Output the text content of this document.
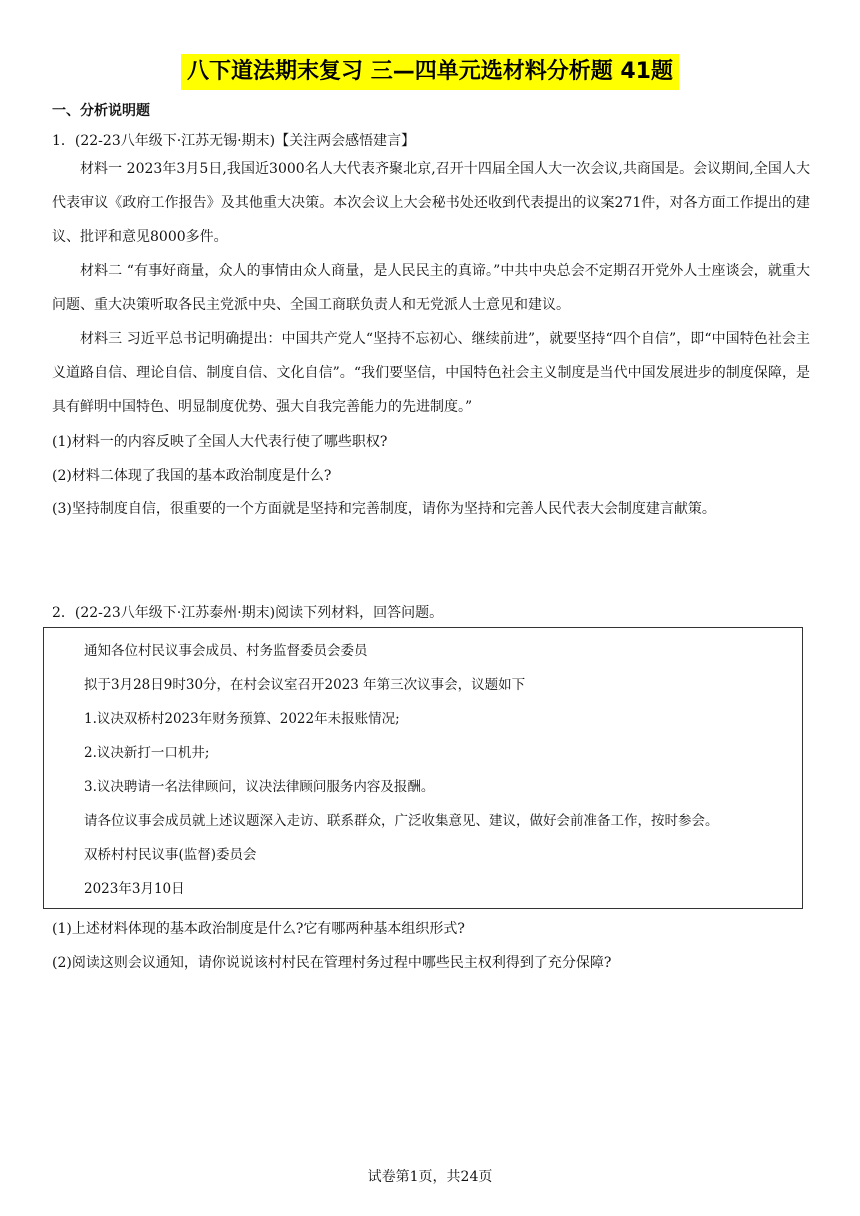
八下道法期末复习 三—四单元选材料分析题 41题
一、分析说明题
1．(22-23八年级下·江苏无锡·期末)【关注两会感悟建言】

材料一 2023年3月5日,我国近3000名人大代表齐聚北京,召开十四届全国人大一次会议,共商国是。会议期间,全国人大代表审议《政府工作报告》及其他重大决策。本次会议上大会秘书处还收到代表提出的议案271件，对各方面工作提出的建议、批评和意见8000多件。

材料二 “有事好商量，众人的事情由众人商量，是人民民主的真谛。”中共中央总会不定期召开党外人士座谈会，就重大问题、重大决策听取各民主党派中央、全国工商联负责人和无党派人士意见和建议。

材料三 习近平总书记明确提出：中国共产党人“坚持不忘初心、继续前进”，就要坚持“四个自信”，即“中国特色社会主义道路自信、理论自信、制度自信、文化自信”。“我们要坚信，中国特色社会主义制度是当代中国发展进步的制度保障，是具有鲜明中国特色、明显制度优势、强大自我完善能力的先进制度。”

(1)材料一的内容反映了全国人大代表行使了哪些职权?
(2)材料二体现了我国的基本政治制度是什么?
(3)坚持制度自信，很重要的一个方面就是坚持和完善制度，请你为坚持和完善人民代表大会制度建言献策。
2．(22-23八年级下·江苏泰州·期末)阅读下列材料，回答问题。
通知各位村民议事会成员、村务监督委员会委员
拟于3月28日9时30分，在村会议室召开2023 年第三次议事会，议题如下
1.议决双桥村2023年财务预算、2022年未报账情况;
2.议决新打一口机井;
3.议决聘请一名法律顾问，议决法律顾问服务内容及报酬。
请各位议事会成员就上述议题深入走访、联系群众，广泛收集意见、建议，做好会前准备工作，按时参会。
双桥村村民议事(监督)委员会
2023年3月10日
(1)上述材料体现的基本政治制度是什么?它有哪两种基本组织形式?
(2)阅读这则会议通知，请你说说该村村民在管理村务过程中哪些民主权利得到了充分保障?
试卷第1页，共24页
